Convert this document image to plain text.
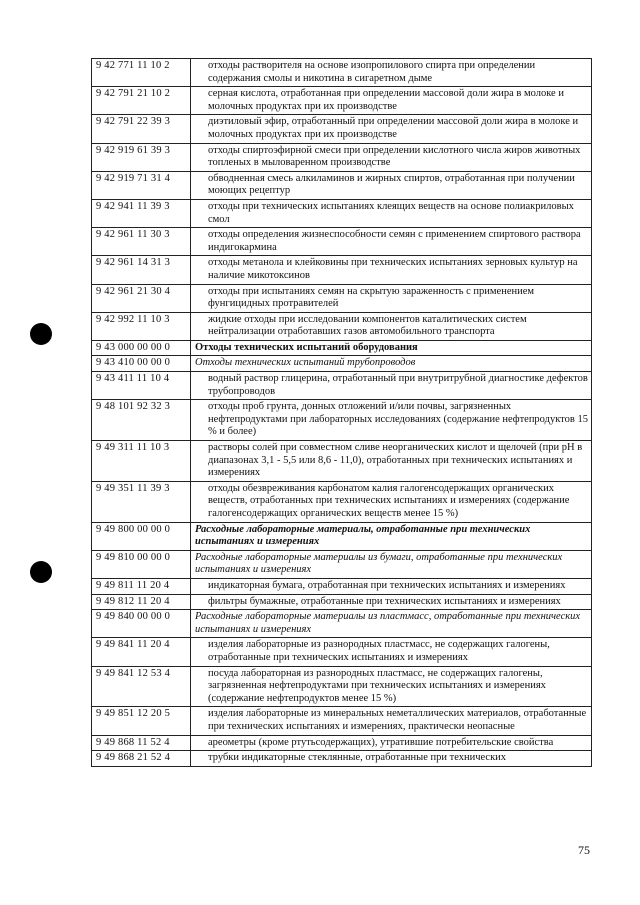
9 42 771 11 10 2	отходы растворителя на основе изопропилового спирта при определении содержания смолы и никотина в сигаретном дыме
9 42 791 21 10 2	серная кислота, отработанная при определении массовой доли жира в молоке и молочных продуктах при их производстве
9 42 791 22 39 3	диэтиловый эфир, отработанный при определении массовой доли жира в молоке и молочных продуктах при их производстве
9 42 919 61 39 3	отходы спиртоэфирной смеси при определении кислотного числа жиров животных топленых в мыловаренном производстве
9 42 919 71 31 4	обводненная смесь алкиламинов и жирных спиртов, отработанная при получении моющих рецептур
9 42 941 11 39 3	отходы при технических испытаниях клеящих веществ на основе полиакриловых смол
9 42 961 11 30 3	отходы определения жизнеспособности семян с применением спиртового раствора индигокармина
9 42 961 14 31 3	отходы метанола и клейковины при технических испытаниях зерновых культур на наличие микотоксинов
9 42 961 21 30 4	отходы при испытаниях семян на скрытую зараженность с применением фунгицидных протравителей
9 42 992 11 10 3	жидкие отходы при исследовании компонентов каталитических систем нейтрализации отработавших газов автомобильного транспорта
9 43 000 00 00 0	Отходы технических испытаний оборудования
9 43 410 00 00 0	Отходы технических испытаний трубопроводов
9 43 411 11 10 4	водный раствор глицерина, отработанный при внутритрубной диагностике дефектов трубопроводов
9 48 101 92 32 3	отходы проб грунта, донных отложений и/или почвы, загрязненных нефтепродуктами при лабораторных исследованиях (содержание нефтепродуктов 15 % и более)
9 49 311 11 10 3	растворы солей при совместном сливе неорганических кислот и щелочей (при pH в диапазонах 3,1 - 5,5 или 8,6 - 11,0), отработанных при технических испытаниях и измерениях
9 49 351 11 39 3	отходы обезвреживания карбонатом калия галогенсодержащих органических веществ, отработанных при технических испытаниях и измерениях (содержание галогенсодержащих органических веществ менее 15 %)
9 49 800 00 00 0	Расходные лабораторные материалы, отработанные при технических испытаниях и измерениях
9 49 810 00 00 0	Расходные лабораторные материалы из бумаги, отработанные при технических испытаниях и измерениях
9 49 811 11 20 4	индикаторная бумага, отработанная при технических испытаниях и измерениях
9 49 812 11 20 4	фильтры бумажные, отработанные при технических испытаниях и измерениях
9 49 840 00 00 0	Расходные лабораторные материалы из пластмасс, отработанные при технических испытаниях и измерениях
9 49 841 11 20 4	изделия лабораторные из разнородных пластмасс, не содержащих галогены, отработанные при технических испытаниях и измерениях
9 49 841 12 53 4	посуда лабораторная из разнородных пластмасс, не содержащих галогены, загрязненная нефтепродуктами при технических испытаниях и измерениях (содержание нефтепродуктов менее 15 %)
9 49 851 12 20 5	изделия лабораторные из минеральных неметаллических материалов, отработанные при технических испытаниях и измерениях, практически неопасные
9 49 868 11 52 4	ареометры (кроме ртутьсодержащих), утратившие потребительские свойства
9 49 868 21 52 4	трубки индикаторные стеклянные, отработанные при технических
75
